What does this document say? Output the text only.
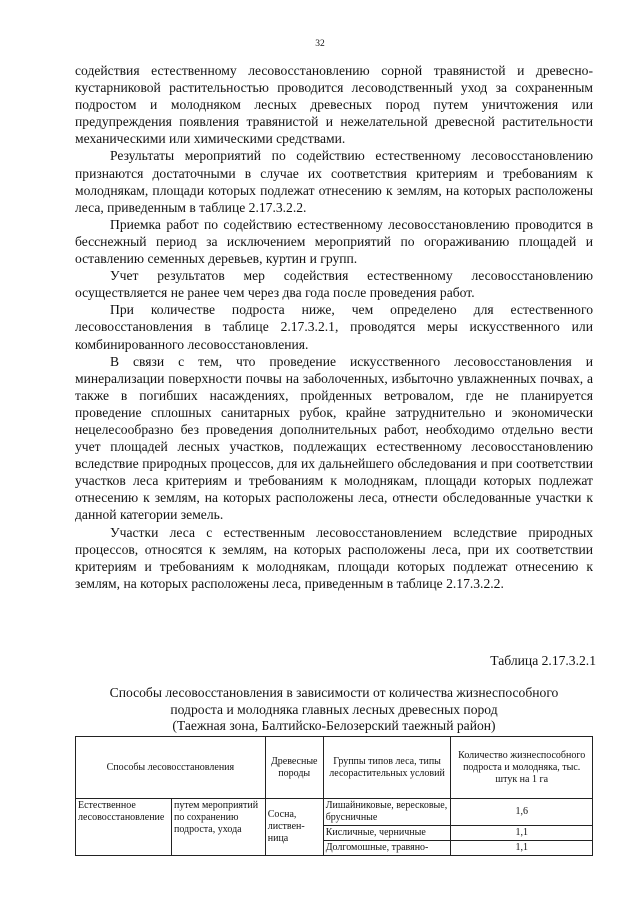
32

содействия естественному лесовосстановлению сорной травянистой и древесно-кустарниковой растительностью проводится лесоводственный уход за сохраненным подростом и молодняком лесных древесных пород путем уничтожения или предупреждения появления травянистой и нежелательной древесной растительности механическими или химическими средствами.

Результаты мероприятий по содействию естественному лесовосстановлению признаются достаточными в случае их соответствия критериям и требованиям к молоднякам, площади которых подлежат отнесению к землям, на которых расположены леса, приведенным в таблице 2.17.3.2.2.

Приемка работ по содействию естественному лесовосстановлению проводится в бесснежный период за исключением мероприятий по огораживанию площадей и оставлению семенных деревьев, куртин и групп.

Учет результатов мер содействия естественному лесовосстановлению осуществляется не ранее чем через два года после проведения работ.

При количестве подроста ниже, чем определено для естественного лесовосстановления в таблице 2.17.3.2.1, проводятся меры искусственного или комбинированного лесовосстановления.

В связи с тем, что проведение искусственного лесовосстановления и минерализации поверхности почвы на заболоченных, избыточно увлажненных почвах, а также в погибших насаждениях, пройденных ветровалом, где не планируется проведение сплошных санитарных рубок, крайне затруднительно и экономически нецелесообразно без проведения дополнительных работ, необходимо отдельно вести учет площадей лесных участков, подлежащих естественному лесовосстановлению вследствие природных процессов, для их дальнейшего обследования и при соответствии участков леса критериям и требованиям к молоднякам, площади которых подлежат отнесению к землям, на которых расположены леса, отнести обследованные участки к данной категории земель.

Участки леса с естественным лесовосстановлением вследствие природных процессов, относятся к землям, на которых расположены леса, при их соответствии критериям и требованиям к молоднякам, площади которых подлежат отнесению к землям, на которых расположены леса, приведенным в таблице 2.17.3.2.2.

Таблица 2.17.3.2.1
Способы лесовосстановления в зависимости от количества жизнеспособного
подроста и молодняка главных лесных древесных пород
(Таежная зона, Балтийско-Белозерский таежный район)
Способы лесовосстановления		Древесные породы	Группы типов леса, типы лесорастительных условий	Количество жизнеспособного подроста и молодняка, тыс. штук на 1 га
Естественное лесовосстановление	путем мероприятий по сохранению подроста, ухода	Сосна, листвен-ница	Лишайниковые, вересковые, брусничные	1,6
			Кисличные, черничные	1,1
			Долгомошные, травяно-	1,1
